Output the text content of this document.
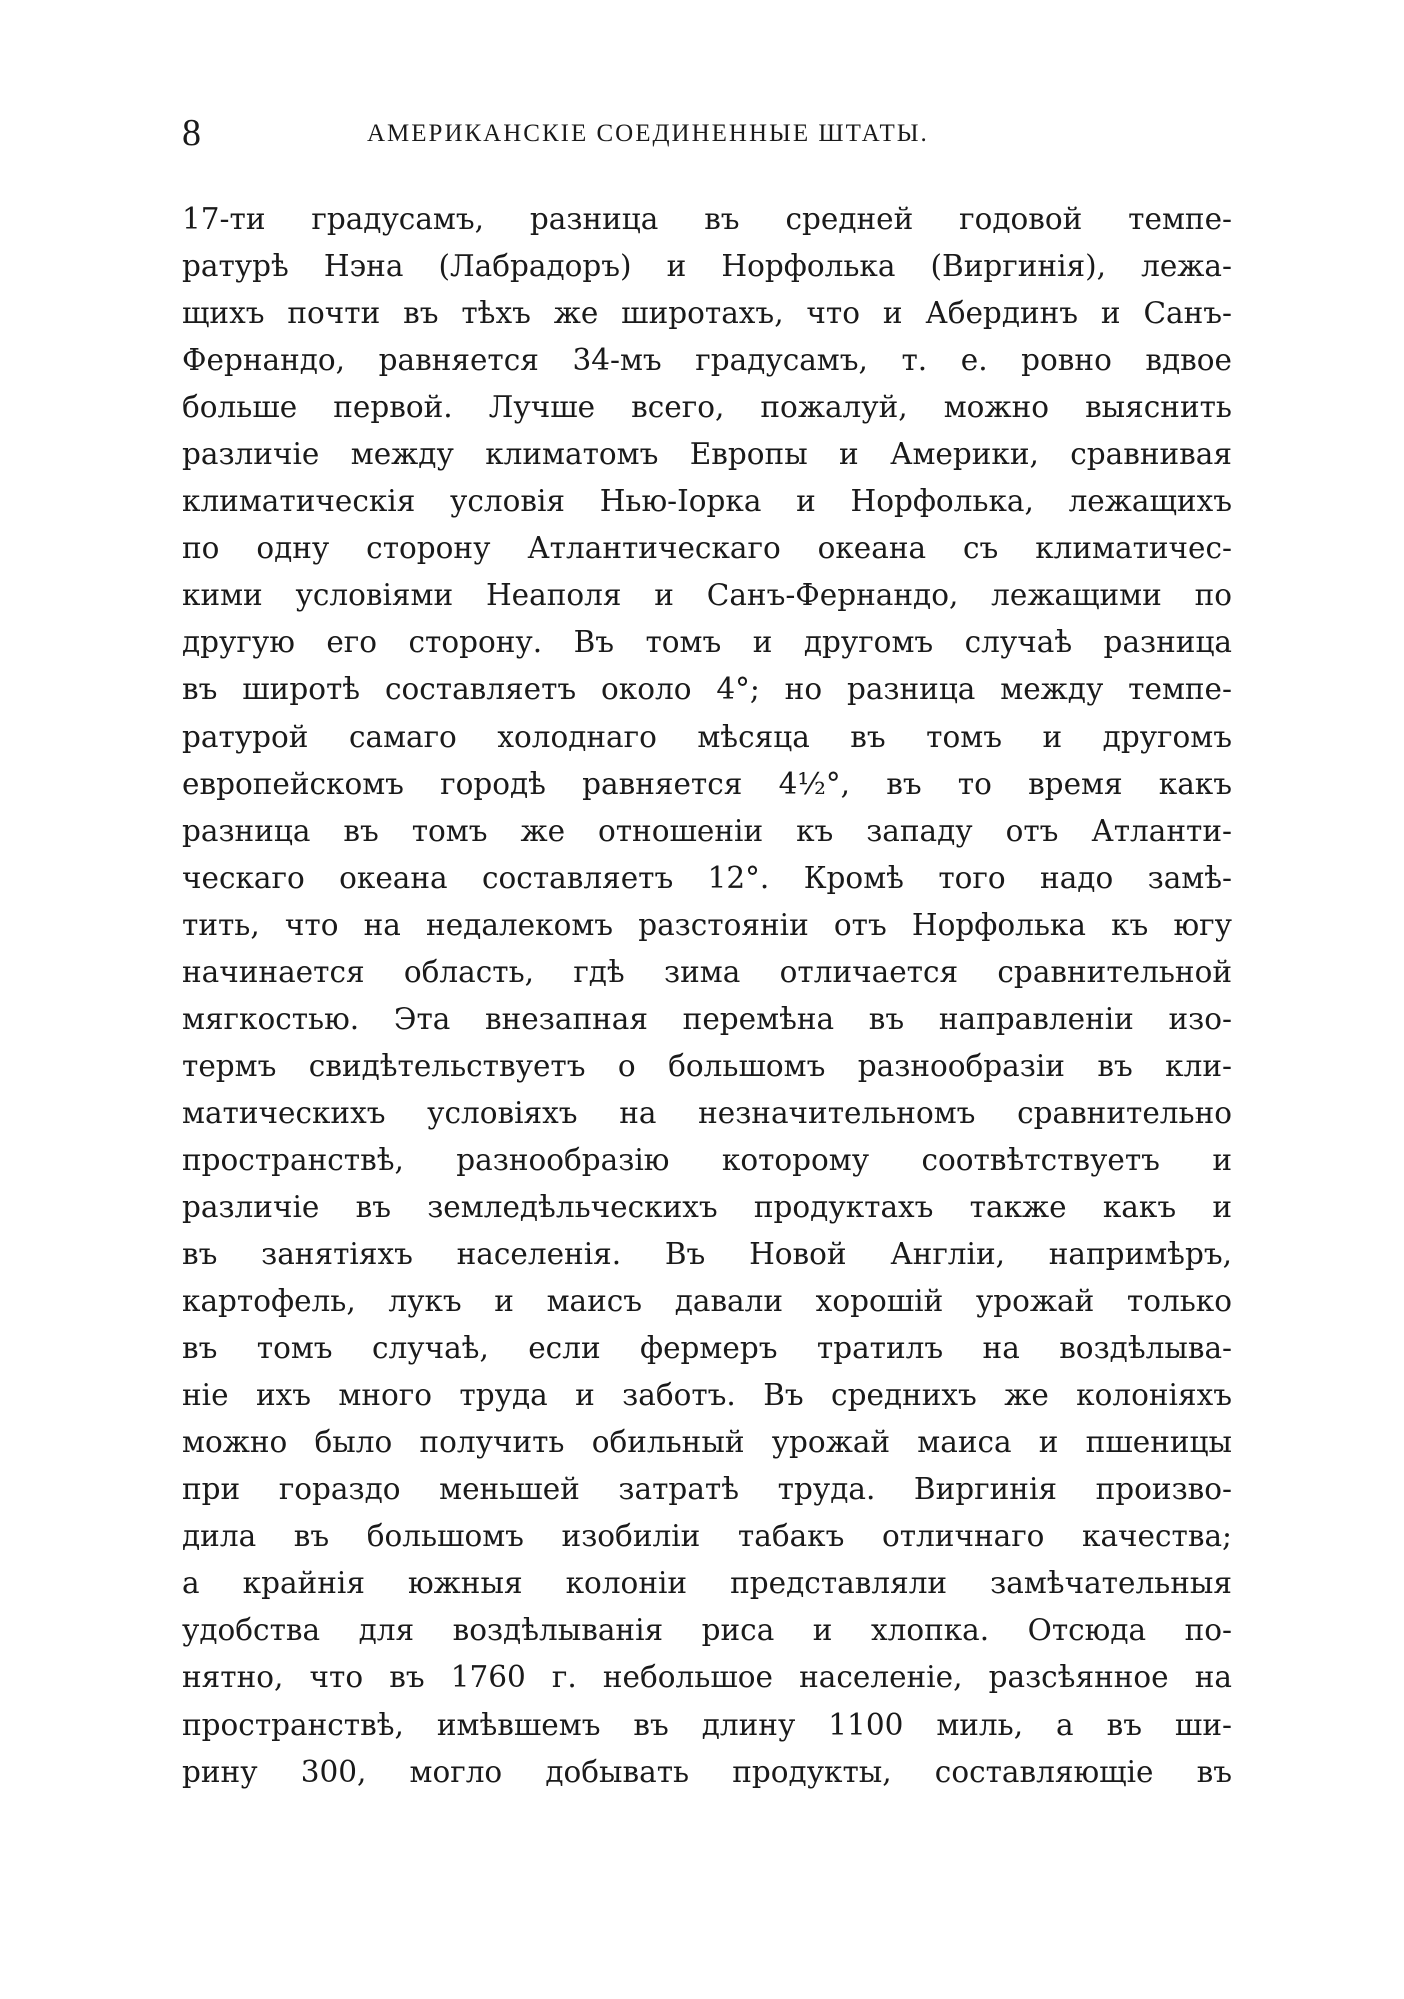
8	АМЕРИКАНСКІЕ СОЕДИНЕННЫЕ ШТАТЫ.
17-ти градусамъ, разница въ средней годовой темпе-
ратурѣ Нэна (Лабрадоръ) и Норфолька (Виргинія), лежа-
щихъ почти въ тѣхъ же широтахъ, что и Абердинъ и Санъ-
Фернандо, равняется 34-мъ градусамъ, т. е. ровно вдвое
больше первой. Лучше всего, пожалуй, можно выяснить
различіе между климатомъ Европы и Америки, сравнивая
климатическія условія Нью-Іорка и Норфолька, лежащихъ
по одну сторону Атлантическаго океана съ климатичес-
кими условіями Неаполя и Санъ-Фернандо, лежащими по
другую его сторону. Въ томъ и другомъ случаѣ разница
въ широтѣ составляетъ около 4°; но разница между темпе-
ратурой самаго холоднаго мѣсяца въ томъ и другомъ
европейскомъ городѣ равняется 4½°, въ то время какъ
разница въ томъ же отношеніи къ западу отъ Атланти-
ческаго океана составляетъ 12°. Кромѣ того надо замѣ-
тить, что на недалекомъ разстояніи отъ Норфолька къ югу
начинается область, гдѣ зима отличается сравнительной
мягкостью. Эта внезапная перемѣна въ направленіи изо-
термъ свидѣтельствуетъ о большомъ разнообразіи въ кли-
матическихъ условіяхъ на незначительномъ сравнительно
пространствѣ, разнообразію которому соотвѣтствуетъ и
различіе въ земледѣльческихъ продуктахъ также какъ и
въ занятіяхъ населенія. Въ Новой Англіи, напримѣръ,
картофель, лукъ и маисъ давали хорошій урожай только
въ томъ случаѣ, если фермеръ тратилъ на воздѣлыва-
ніе ихъ много труда и заботъ. Въ среднихъ же колоніяхъ
можно было получить обильный урожай маиса и пшеницы
при гораздо меньшей затратѣ труда. Виргинія произво-
дила въ большомъ изобиліи табакъ отличнаго качества;
а крайнія южныя колоніи представляли замѣчательныя
удобства для воздѣлыванія риса и хлопка. Отсюда по-
нятно, что въ 1760 г. небольшое населеніе, разсѣянное на
пространствѣ, имѣвшемъ въ длину 1100 миль, а въ ши-
рину 300, могло добывать продукты, составляющіе въ
